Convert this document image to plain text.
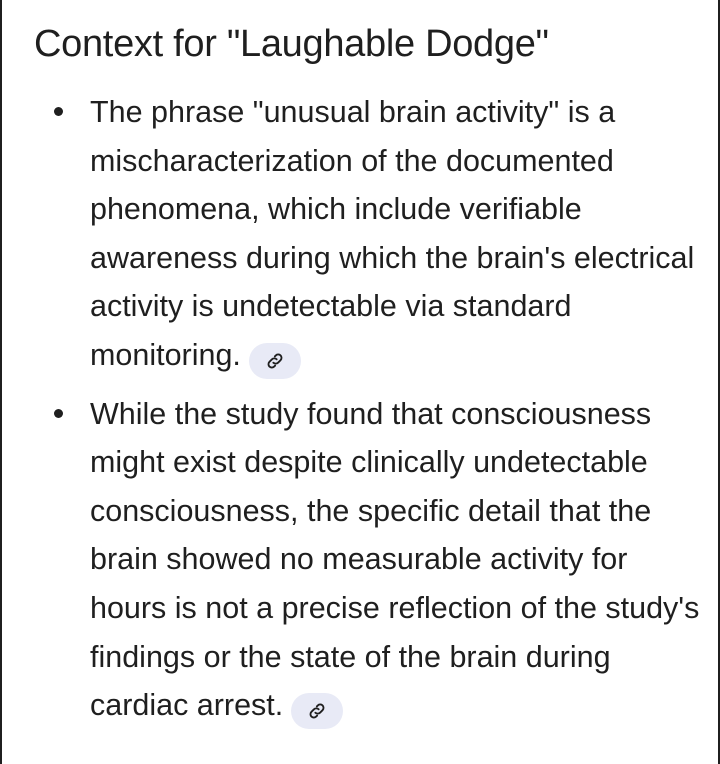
Context for "Laughable Dodge"
The phrase "unusual brain activity" is a mischaracterization of the documented phenomena, which include verifiable awareness during which the brain's electrical activity is undetectable via standard monitoring.
While the study found that consciousness might exist despite clinically undetectable consciousness, the specific detail that the brain showed no measurable activity for hours is not a precise reflection of the study's findings or the state of the brain during cardiac arrest.
